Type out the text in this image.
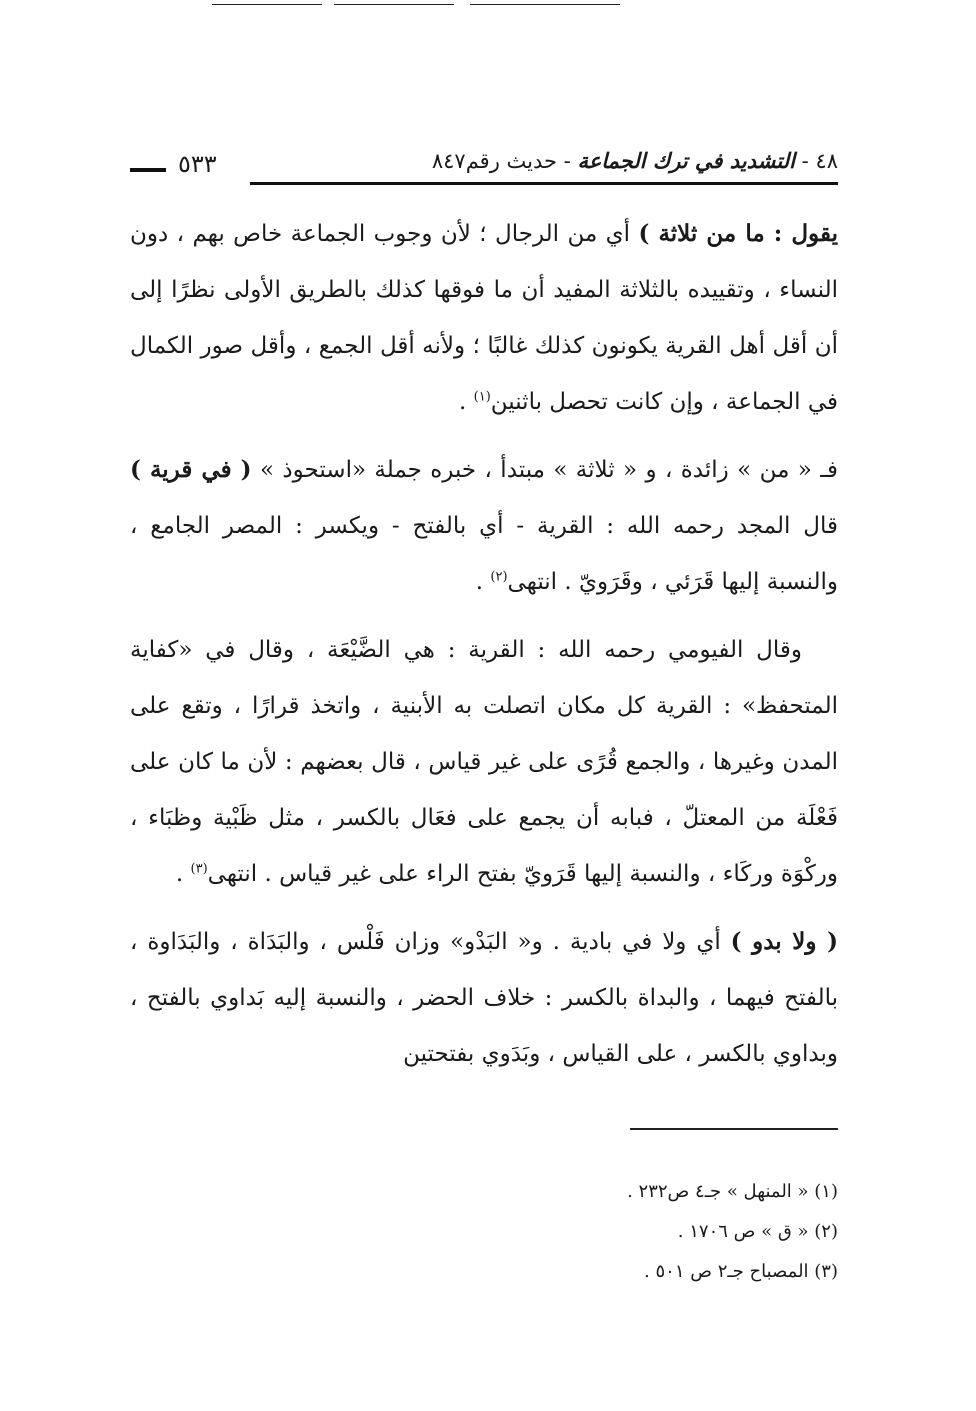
٤٨ - التشديد في ترك الجماعة - حديث رقم٨٤٧
٥٣٣

يقول : ما من ثلاثة ) أي من الرجال ؛ لأن وجوب الجماعة خاص بهم ، دون النساء ، وتقييده بالثلاثة المفيد أن ما فوقها كذلك بالطريق الأولى نظرًا إلى أن أقل أهل القرية يكونون كذلك غالبًا ؛ ولأنه أقل الجمع ، وأقل صور الكمال في الجماعة ، وإن كانت تحصل باثنين$^{(١)}$ .

فـ « من » زائدة ، و « ثلاثة » مبتدأ ، خبره جملة «استحوذ » ( في قرية ) قال المجد رحمه الله : القرية - أي بالفتح - ويكسر : المصر الجامع ، والنسبة إليها قَرَئي ، وقَرَويّ . انتهى$^{(٢)}$ .

وقال الفيومي رحمه الله : القرية : هي الضَّيْعَة ، وقال في «كفاية المتحفظ» : القرية كل مكان اتصلت به الأبنية ، واتخذ قرارًا ، وتقع على المدن وغيرها ، والجمع قُرًى على غير قياس ، قال بعضهم : لأن ما كان على فَعْلَة من المعتلّ ، فبابه أن يجمع على فعَال بالكسر ، مثل ظَبْية وظبَاء ، وركْوَة وركَاء ، والنسبة إليها قَرَويّ بفتح الراء على غير قياس . انتهى$^{(٣)}$ .

( ولا بدو ) أي ولا في بادية . و« البَدْو» وزان فَلْس ، والبَدَاة ، والبَدَاوة ، بالفتح فيهما ، والبداة بالكسر : خلاف الحضر ، والنسبة إليه بَداوي بالفتح ، وبداوي بالكسر ، على القياس ، وبَدَوي بفتحتين

(١) « المنهل » جـ٤ ص٢٣٢ .
(٢) « ق » ص ١٧٠٦ .
(٣) المصباح جـ٢ ص ٥٠١ .
